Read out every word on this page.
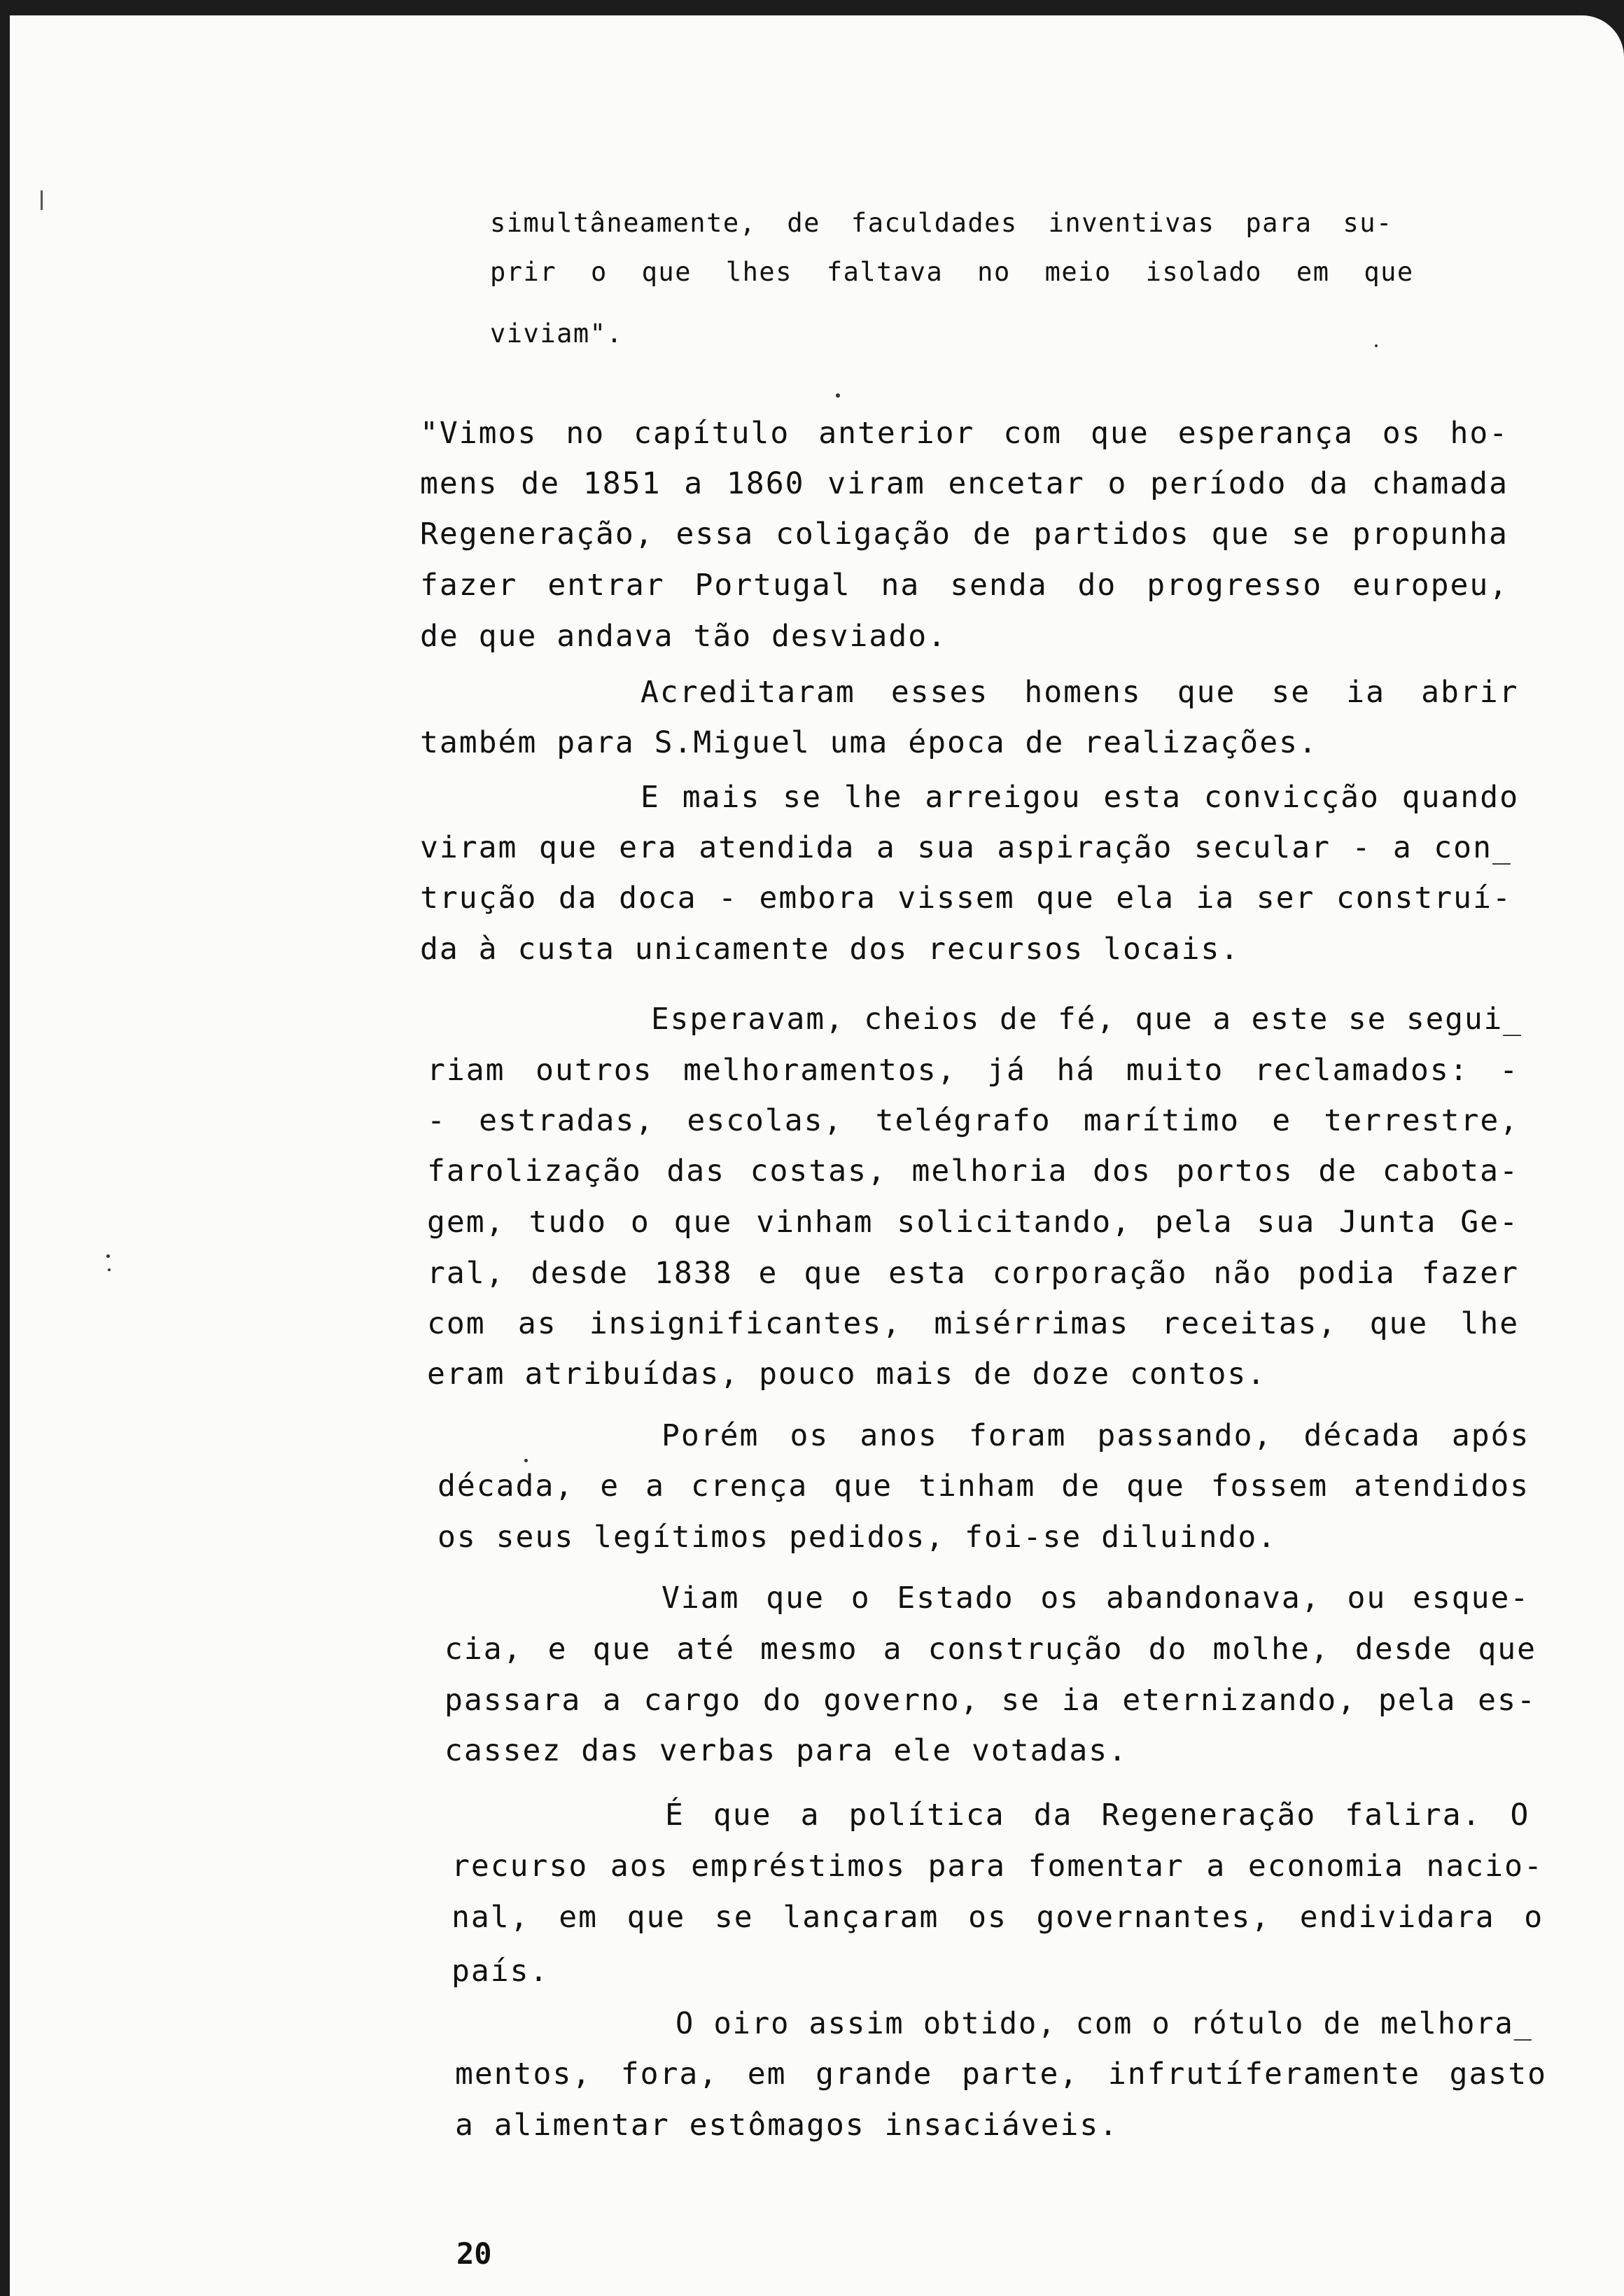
simultâneamente, de faculdades inventivas para su-
prir o que lhes faltava no meio isolado em que
viviam".
"Vimos no capítulo anterior com que esperança os ho-
mens de 1851 a 1860 viram encetar o período da chamada
Regeneração, essa coligação de partidos que se propunha
fazer entrar Portugal na senda do progresso europeu,
de que andava tão desviado.
Acreditaram esses homens que se ia abrir
também para S.Miguel uma época de realizações.
E mais se lhe arreigou esta convicção quando
viram que era atendida a sua aspiração secular - a con_
trução da doca - embora vissem que ela ia ser construí-
da à custa unicamente dos recursos locais.
Esperavam, cheios de fé, que a este se segui_
riam outros melhoramentos, já há muito reclamados: -
- estradas, escolas, telégrafo marítimo e terrestre,
farolização das costas, melhoria dos portos de cabota-
gem, tudo o que vinham solicitando, pela sua Junta Ge-
ral, desde 1838 e que esta corporação não podia fazer
com as insignificantes, misérrimas receitas, que lhe
eram atribuídas, pouco mais de doze contos.
Porém os anos foram passando, década após
década, e a crença que tinham de que fossem atendidos
os seus legítimos pedidos, foi-se diluindo.
Viam que o Estado os abandonava, ou esque-
cia, e que até mesmo a construção do molhe, desde que
passara a cargo do governo, se ia eternizando, pela es-
cassez das verbas para ele votadas.
É que a política da Regeneração falira. O
recurso aos empréstimos para fomentar a economia nacio-
nal, em que se lançaram os governantes, endividara o
país.
O oiro assim obtido, com o rótulo de melhora_
mentos, fora, em grande parte, infrutíferamente gasto
a alimentar estômagos insaciáveis.
20
